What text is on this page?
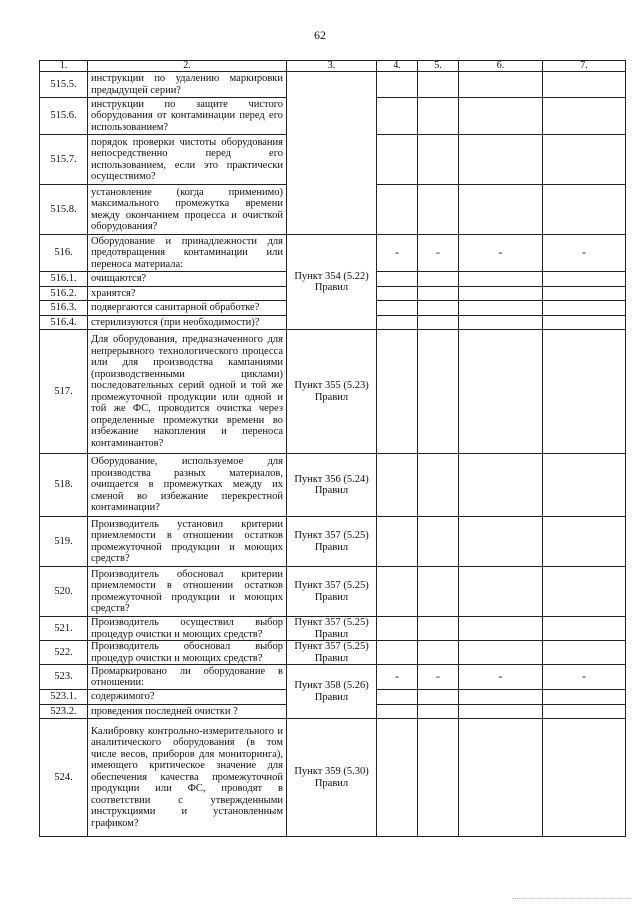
62
1.	2.	3.	4.	5.	6.	7.
515.5.	инструкции по удалению маркировки предыдущей серии?					
515.6.	инструкции по защите чистого оборудования от контаминации перед его использованием?					
515.7.	порядок проверки чистоты оборудования непосредственно перед его использованием, если это практически осуществимо?					
515.8.	установление (когда применимо) максимального промежутка времени между окончанием процесса и очисткой оборудования?					
516.	Оборудование и принадлежности для предотвращения контаминации или переноса материала:	Пункт 354 (5.22) Правил	-	-	-	-
516.1.	очищаются?					
516.2.	хранятся?					
516.3.	подвергаются санитарной обработке?					
516.4.	стерилизуются (при необходимости)?					
517.	Для оборудования, предназначенного для непрерывного технологического процесса или для производства кампаниями (производственными циклами) последовательных серий одной и той же промежуточной продукции или одной и той же ФС, проводится очистка через определенные промежутки времени во избежание накопления и переноса контаминантов?	Пункт 355 (5.23) Правил				
518.	Оборудование, используемое для производства разных материалов, очищается в промежутках между их сменой во избежание перекрестной контаминации?	Пункт 356 (5.24) Правил				
519.	Производитель установил критерии приемлемости в отношении остатков промежуточной продукции и моющих средств?	Пункт 357 (5.25) Правил				
520.	Производитель обосновал критерии приемлемости в отношении остатков промежуточной продукции и моющих средств?	Пункт 357 (5.25) Правил				
521.	Производитель осуществил выбор процедур очистки и моющих средств?	Пункт 357 (5.25) Правил				
522.	Производитель обосновал выбор процедур очистки и моющих средств?	Пункт 357 (5.25) Правил				
523.	Промаркировано ли оборудование в отношении:	Пункт 358 (5.26) Правил	-	-	-	-
523.1.	содержимого?					
523.2.	проведения последней очистки ?					
524.	Калибровку контрольно-измерительного и аналитического оборудования (в том числе весов, приборов для мониторинга), имеющего критическое значение для обеспечения качества промежуточной продукции или ФС, проводят в соответствии с утвержденными инструкциями и установленным графиком?	Пункт 359 (5.30) Правил				
